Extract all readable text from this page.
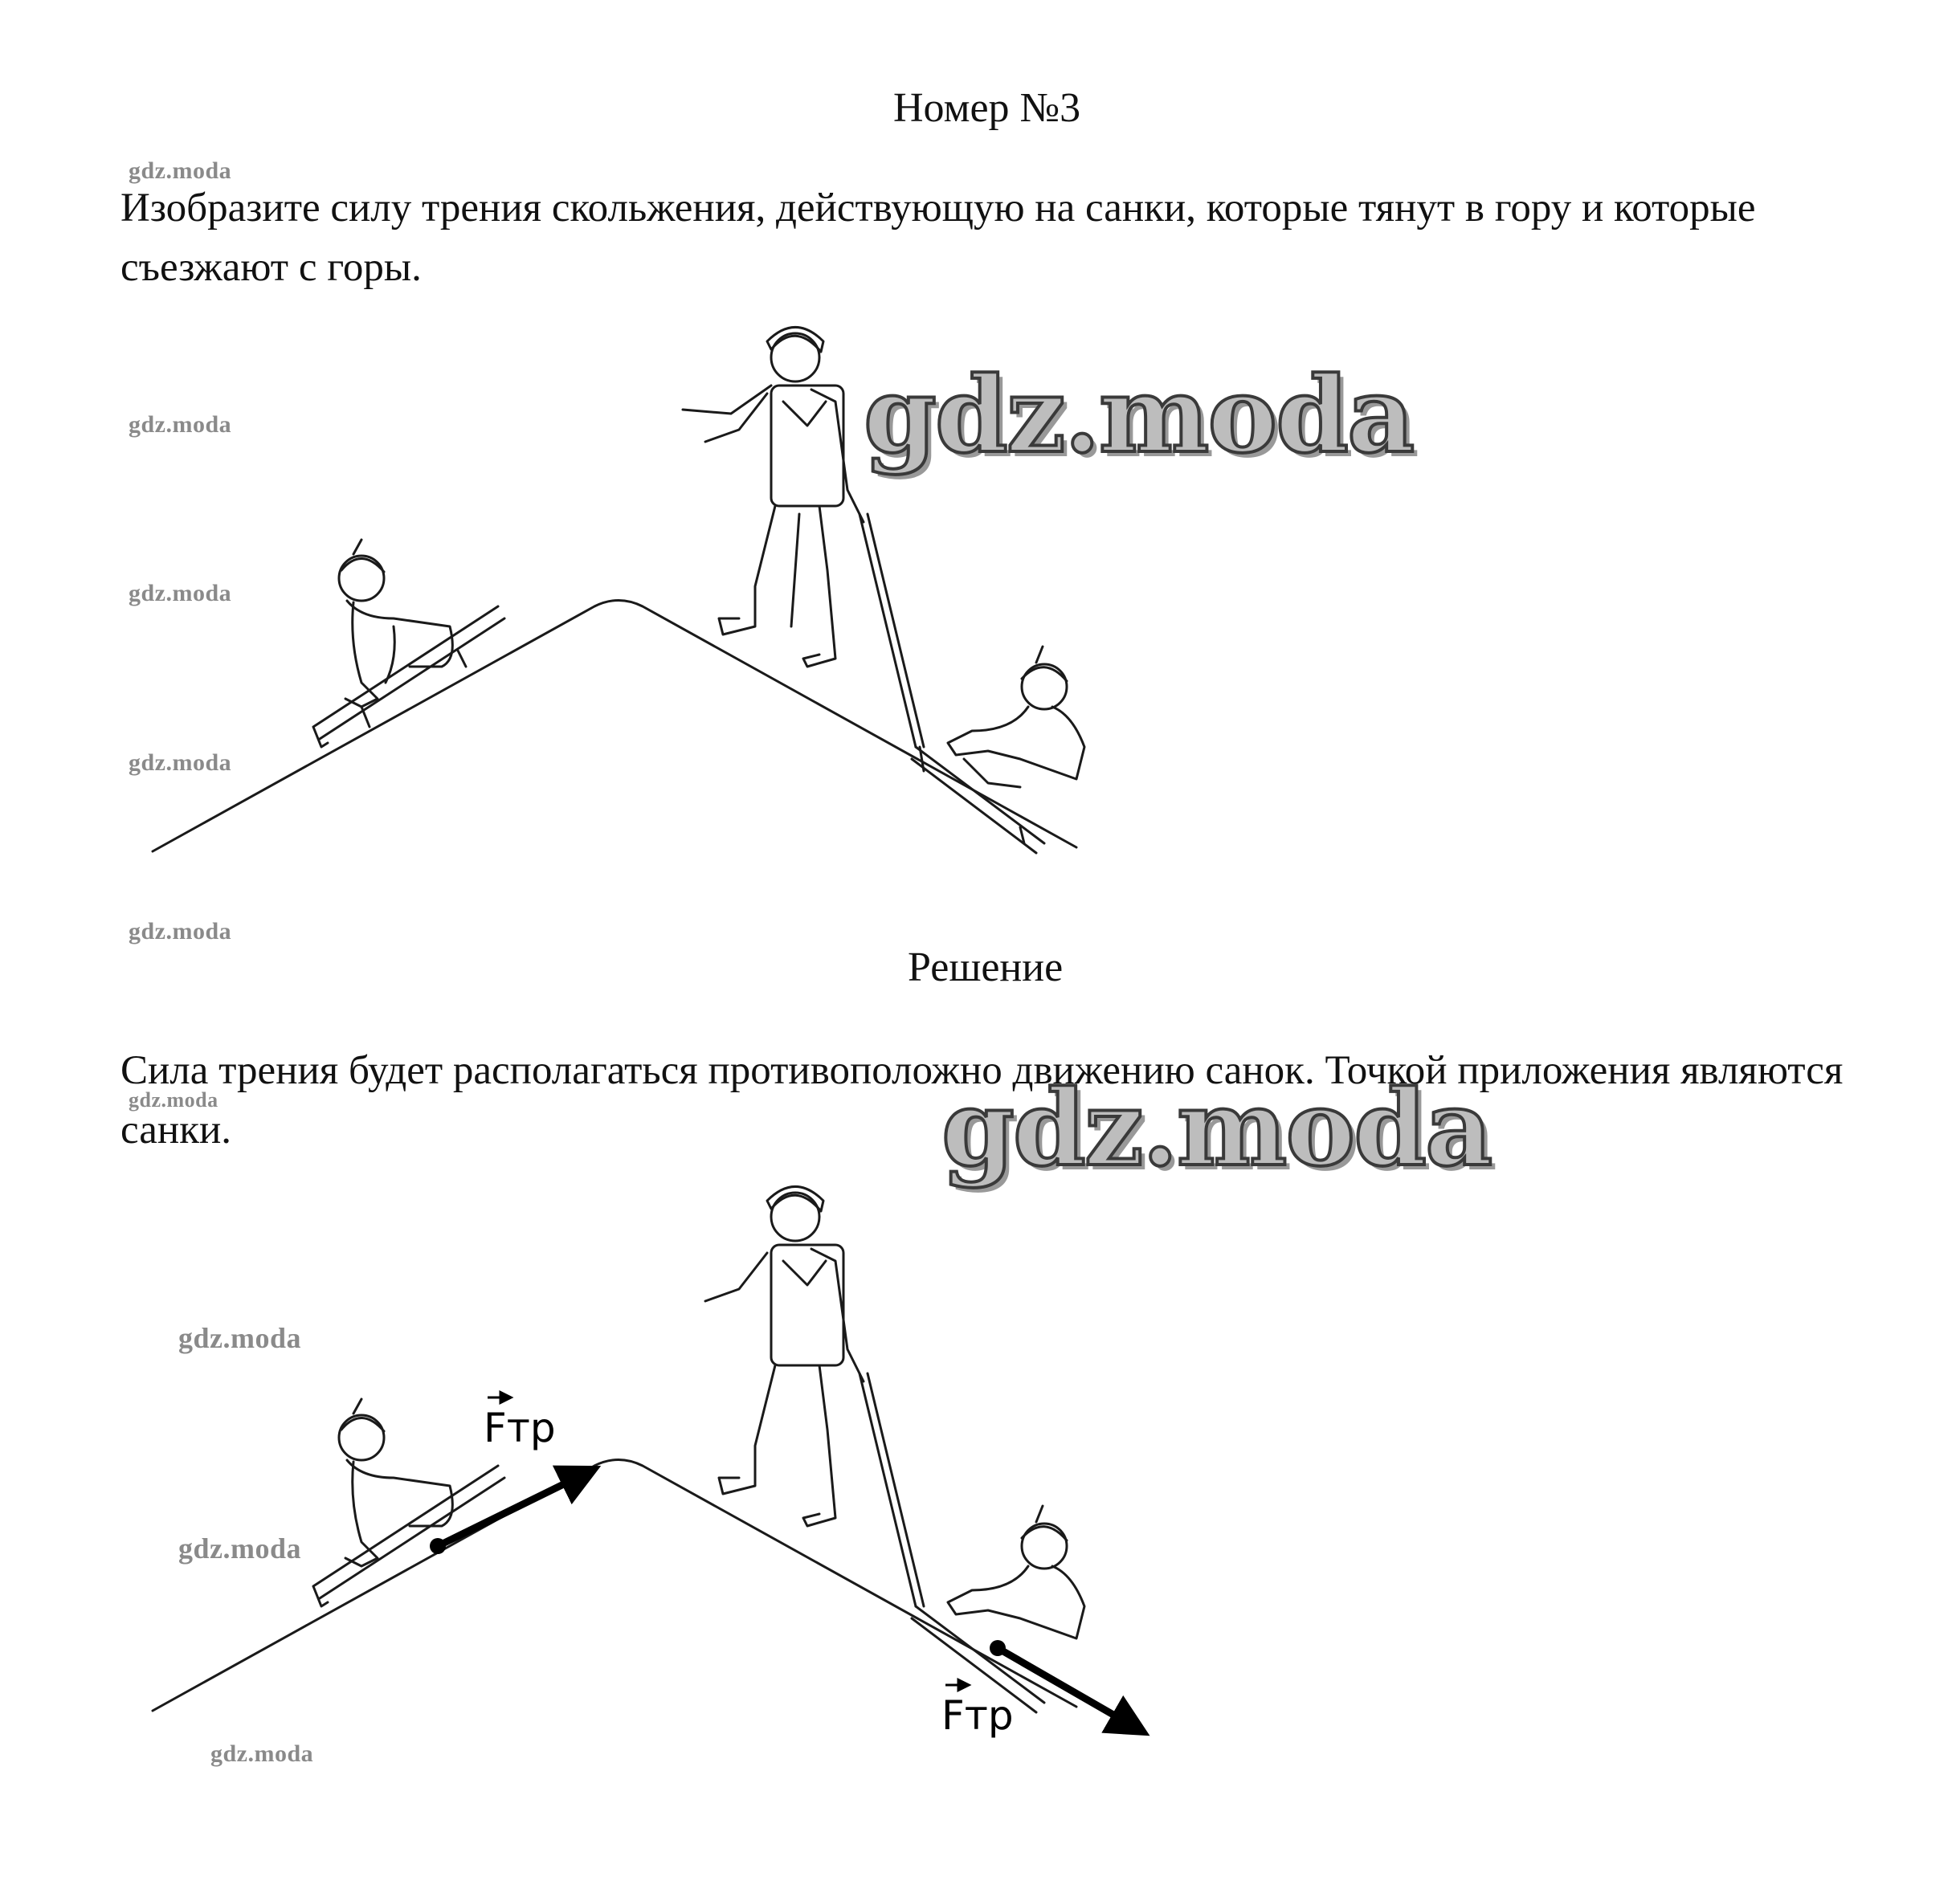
Номер №3
Изобразите силу трения скольжения, действующую на санки, которые тянут в гору и которые съезжают с горы.
Решение
Сила трения будет располагаться противоположно движению санок. Точкой приложения являются санки.
Fтр
Fтр
gdz.moda
gdz.moda
gdz.moda
gdz.moda
gdz.moda
gdz.moda
gdz.moda
gdz.moda
gdz.moda
gdz.moda
gdz.moda
